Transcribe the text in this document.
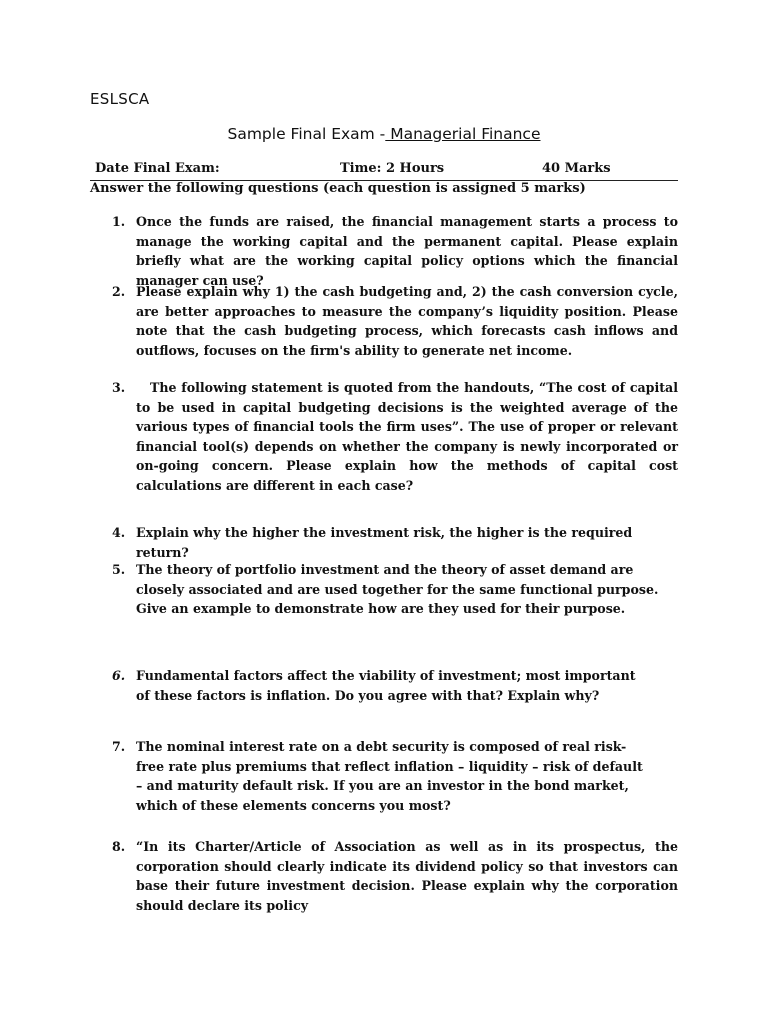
ESLSCA
Sample Final Exam - Managerial Finance
Date Final Exam:	Time: 2 Hours	40 Marks
Answer the following questions (each question is assigned 5 marks)
1. Once the funds are raised, the financial management starts a process to manage the working capital and the permanent capital. Please explain briefly what are the working capital policy options which the financial manager can use?
2. Please explain why 1) the cash budgeting and, 2) the cash conversion cycle, are better approaches to measure the company’s liquidity position. Please note that the cash budgeting process, which forecasts cash inflows and outflows, focuses on the firm's ability to generate net income.
3.	The following statement is quoted from the handouts, “The cost of capital to be used in capital budgeting decisions is the weighted average of the various types of financial tools the firm uses”. The use of proper or relevant financial tool(s) depends on whether the company is newly incorporated or on-going concern. Please explain how the methods of capital cost calculations are different in each case?
4. Explain why the higher the investment risk, the higher is the required return?
5. The theory of portfolio investment and the theory of asset demand are closely associated and are used together for the same functional purpose. Give an example to demonstrate how are they used for their purpose.
6. Fundamental factors affect the viability of investment; most important of these factors is inflation. Do you agree with that? Explain why?
7. The nominal interest rate on a debt security is composed of real risk-free rate plus premiums that reflect inflation – liquidity – risk of default – and maturity default risk. If you are an investor in the bond market, which of these elements concerns you most?
8. “In its Charter/Article of Association as well as in its prospectus, the corporation should clearly indicate its dividend policy so that investors can base their future investment decision. Please explain why the corporation should declare its policy
